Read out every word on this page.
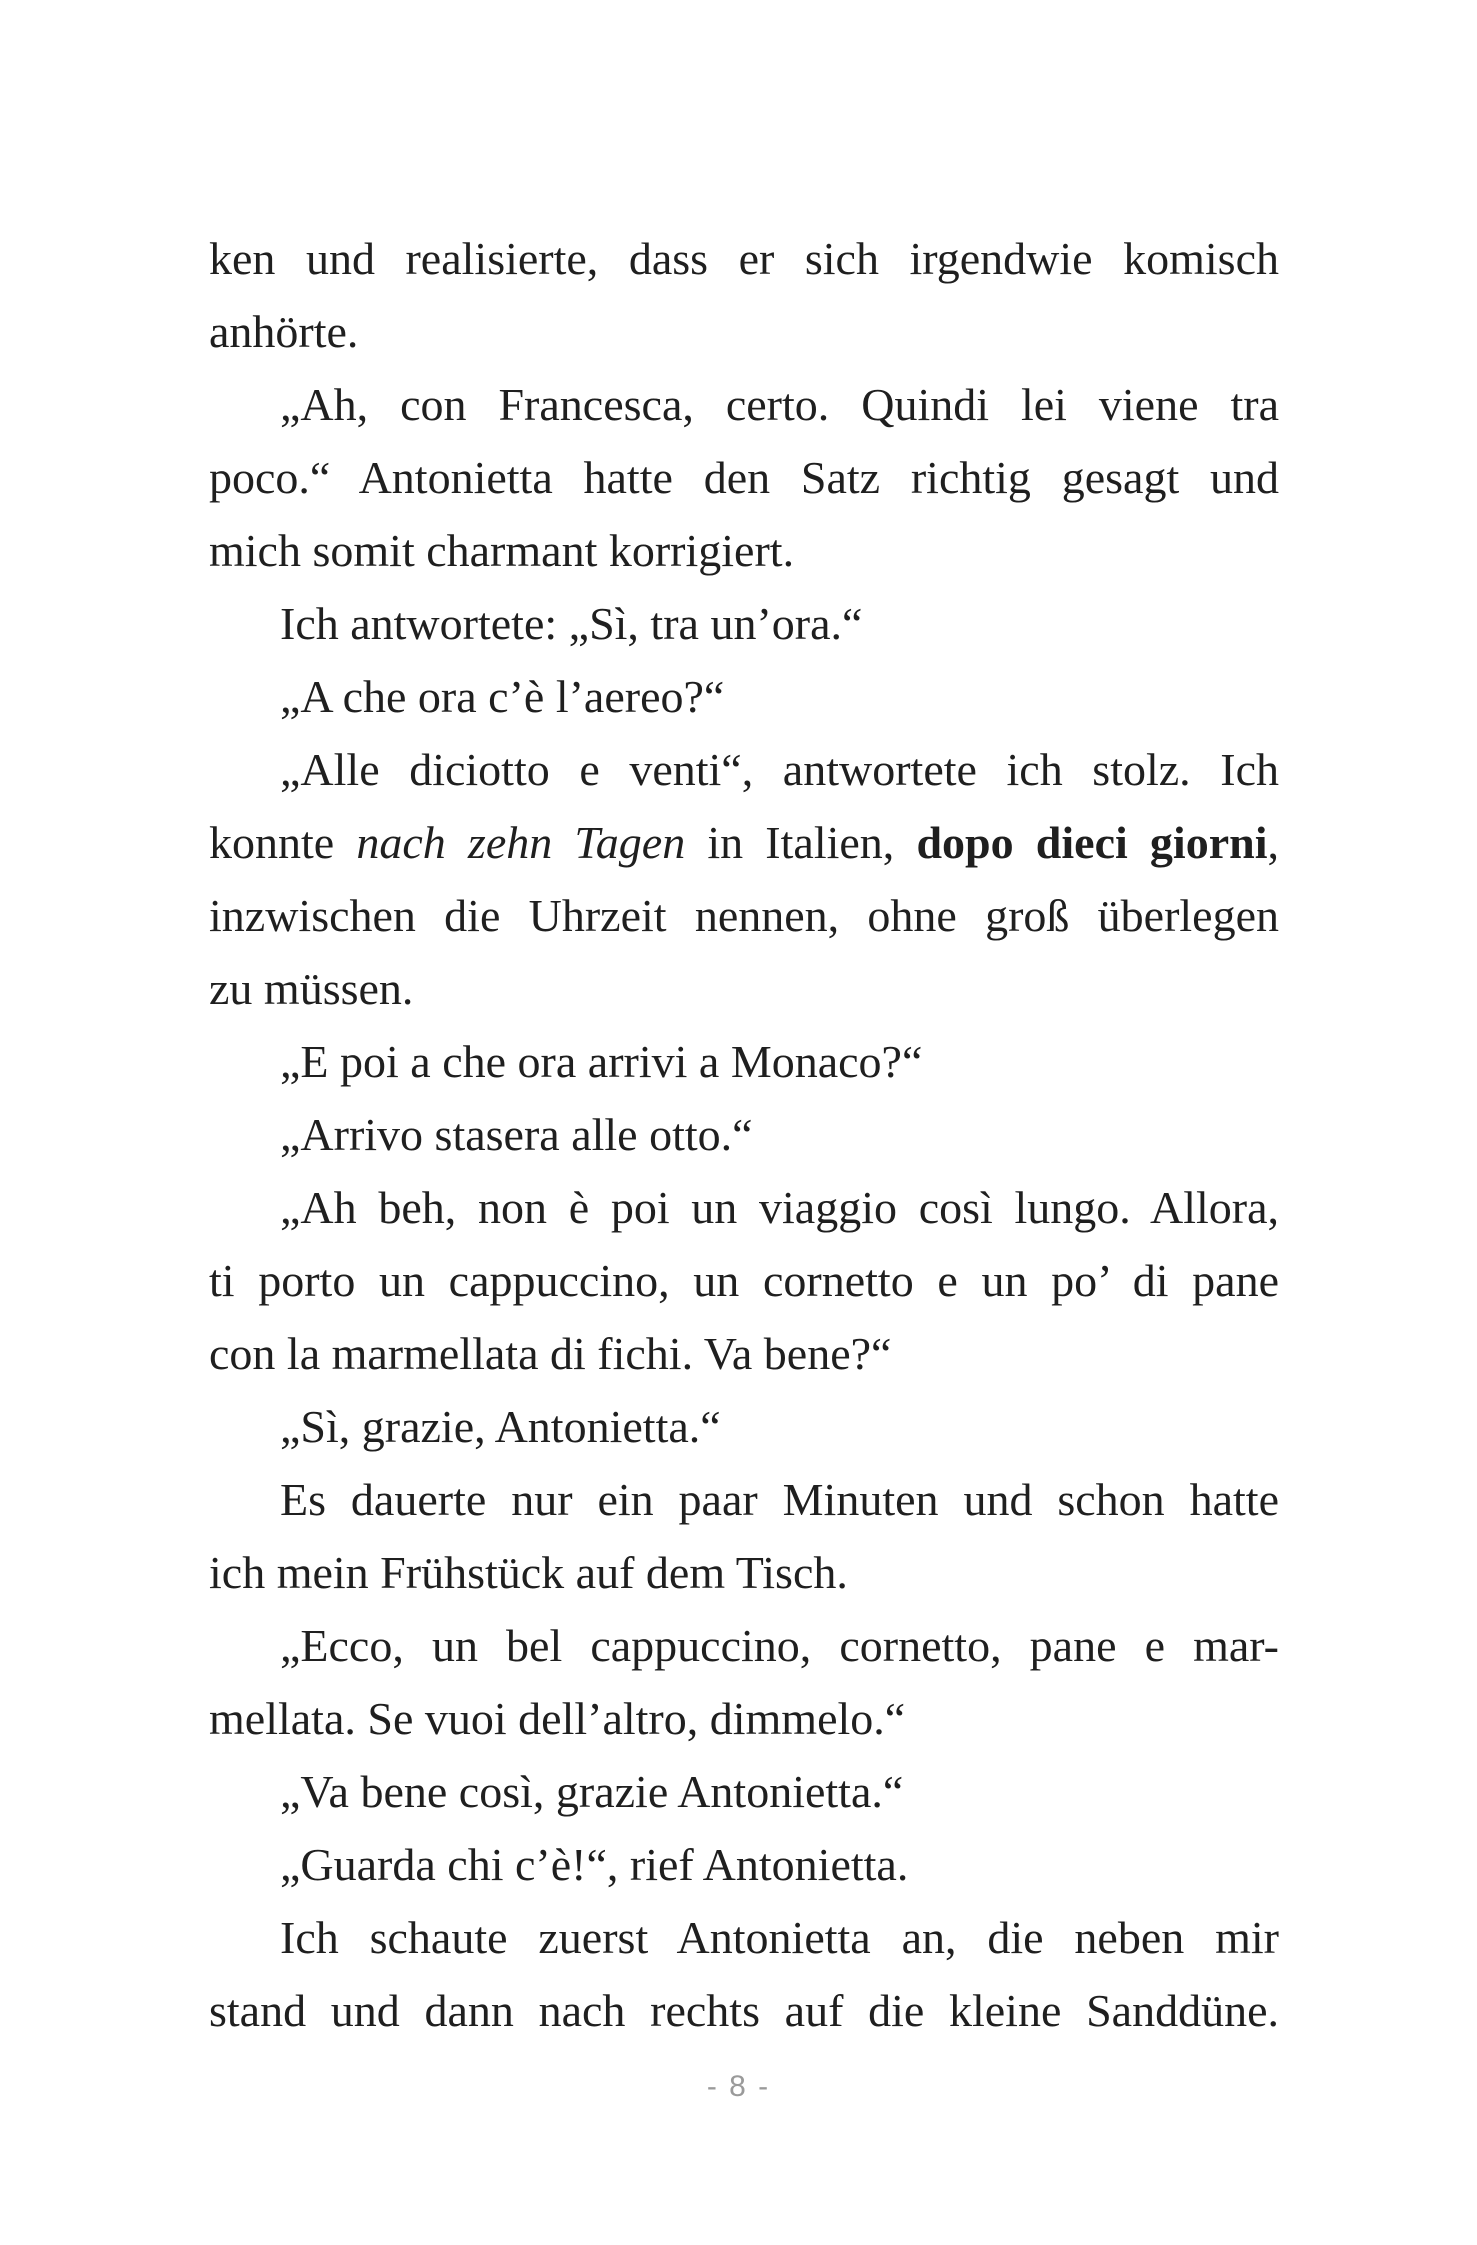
ken und realisierte, dass er sich irgendwie komisch
anhörte.
„Ah, con Francesca, certo. Quindi lei viene tra
poco.“ Antonietta hatte den Satz richtig gesagt und
mich somit charmant korrigiert.
Ich antwortete: „Sì, tra un’ora.“
„A che ora c’è l’aereo?“
„Alle diciotto e venti“, antwortete ich stolz. Ich
konnte nach zehn Tagen in Italien, dopo dieci giorni,
inzwischen die Uhrzeit nennen, ohne groß überlegen
zu müssen.
„E poi a che ora arrivi a Monaco?“
„Arrivo stasera alle otto.“
„Ah beh, non è poi un viaggio così lungo. Allora,
ti porto un cappuccino, un cornetto e un po’ di pane
con la marmellata di fichi. Va bene?“
„Sì, grazie, Antonietta.“
Es dauerte nur ein paar Minuten und schon hatte
ich mein Frühstück auf dem Tisch.
„Ecco, un bel cappuccino, cornetto, pane e mar-
mellata. Se vuoi dell’altro, dimmelo.“
„Va bene così, grazie Antonietta.“
„Guarda chi c’è!“, rief Antonietta.
Ich schaute zuerst Antonietta an, die neben mir
stand und dann nach rechts auf die kleine Sanddüne.
- 8 -
